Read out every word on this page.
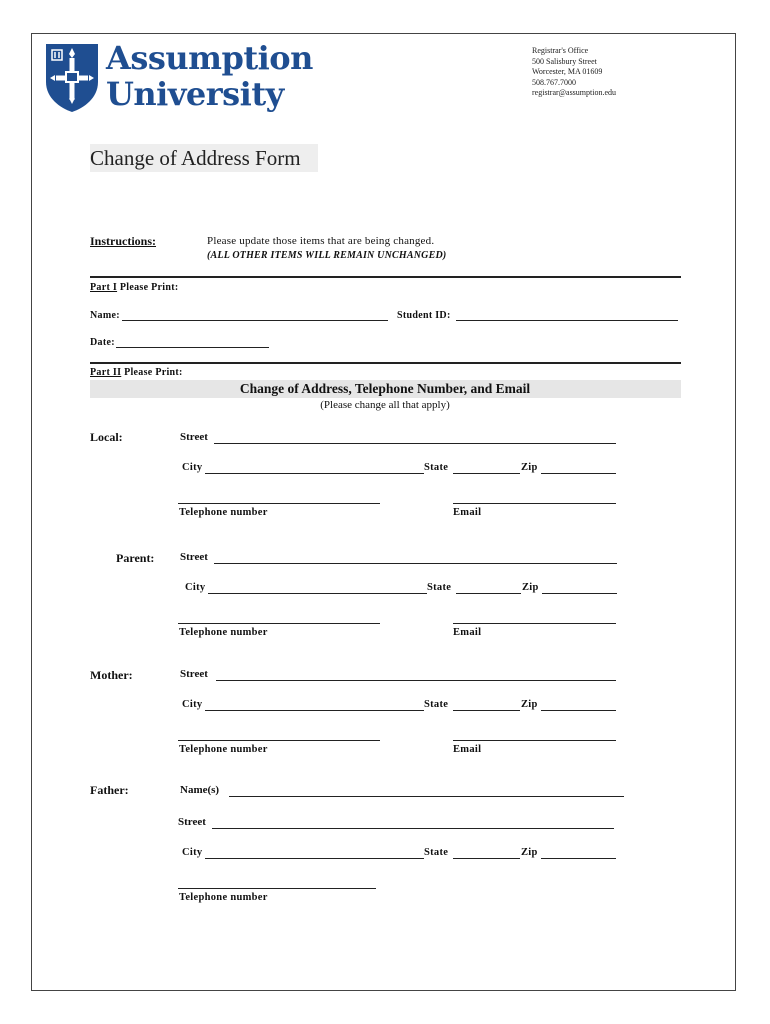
Assumption
University
Registrar's Office
500 Salisbury Street
Worcester, MA 01609
508.767.7000
registrar@assumption.edu
Change of Address Form
Instructions:	Please update those items that are being changed.
(ALL OTHER ITEMS WILL REMAIN UNCHANGED)
Part I Please Print:
Name:	Student ID:
Date:
Part II Please Print:
Change of Address, Telephone Number, and Email
(Please change all that apply)
Local:	Street
City	State	Zip
Telephone number	Email
Parent: Street
City	State	Zip
Telephone number	Email
Mother:	Street
City	State	Zip
Telephone number	Email
Father:	Name(s)
Street
City	State	Zip
Telephone number
